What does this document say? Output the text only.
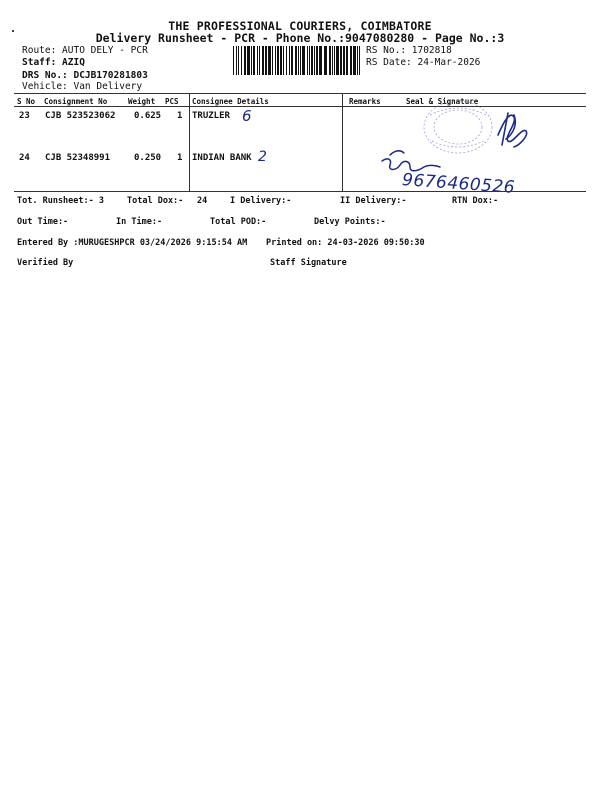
THE PROFESSIONAL COURIERS, COIMBATORE
Delivery Runsheet - PCR - Phone No.:9047080280 - Page No.:3
Route: AUTO DELY - PCR
Staff: AZIQ
DRS No.: DCJB170281803
Vehicle: Van Delivery
RS No.: 1702818
RS Date: 24-Mar-2026
S No Consignment No	Weight PCS Consignee Details	Remarks	Seal & Signature
23 CJB 523523062 0.625 1 TRUZLER 6
24 CJB 52348991	0.250 1 INDIAN BANK 2
9676460526
Tot. Runsheet:- 3	Total Dox:- 24	I Delivery:-	II Delivery:-	RTN Dox:-
Out Time:-	In Time:-	Total POD:-	Delvy Points:-
Entered By :MURUGESHPCR 03/24/2026 9:15:54 AM Printed on: 24-03-2026 09:50:30
Verified By	Staff Signature
